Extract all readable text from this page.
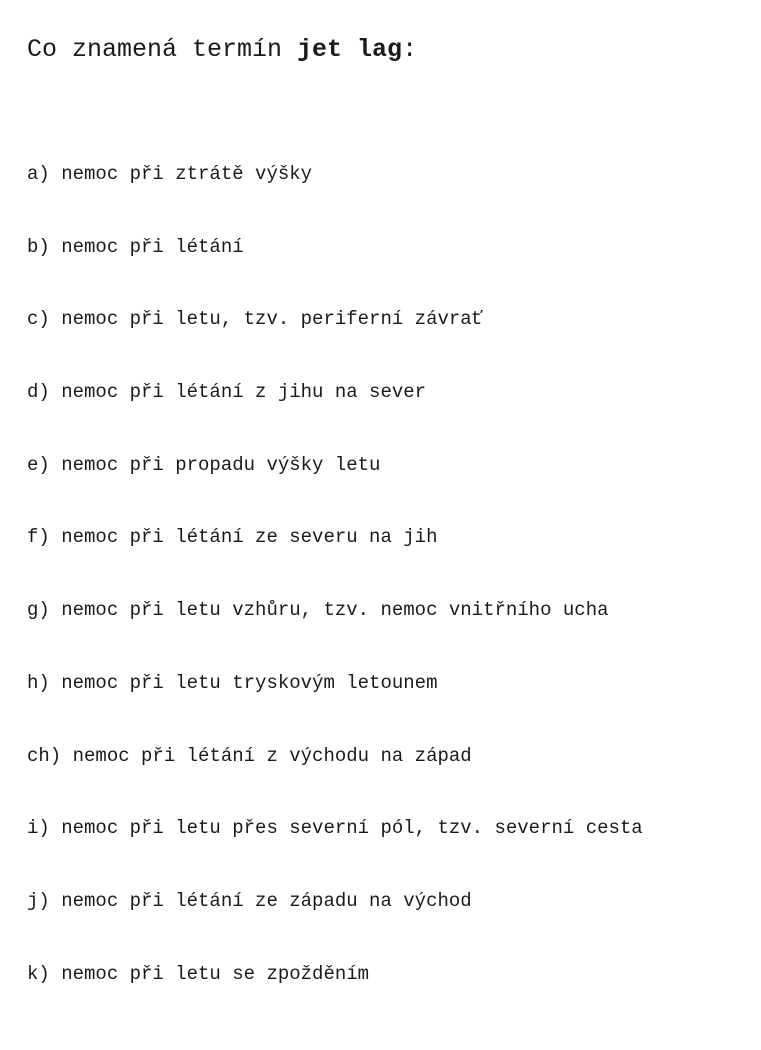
Co znamená termín jet lag:
a) nemoc při ztrátě výšky
b) nemoc při létání
c) nemoc při letu, tzv. periferní závrať
d) nemoc při létání z jihu na sever
e) nemoc při propadu výšky letu
f) nemoc při létání ze severu na jih
g) nemoc při letu vzhůru, tzv. nemoc vnitřního ucha
h) nemoc při letu tryskovým letounem
ch) nemoc při létání z východu na západ
i) nemoc při letu přes severní pól, tzv. severní cesta
j) nemoc při létání ze západu na východ
k) nemoc při letu se zpožděním
